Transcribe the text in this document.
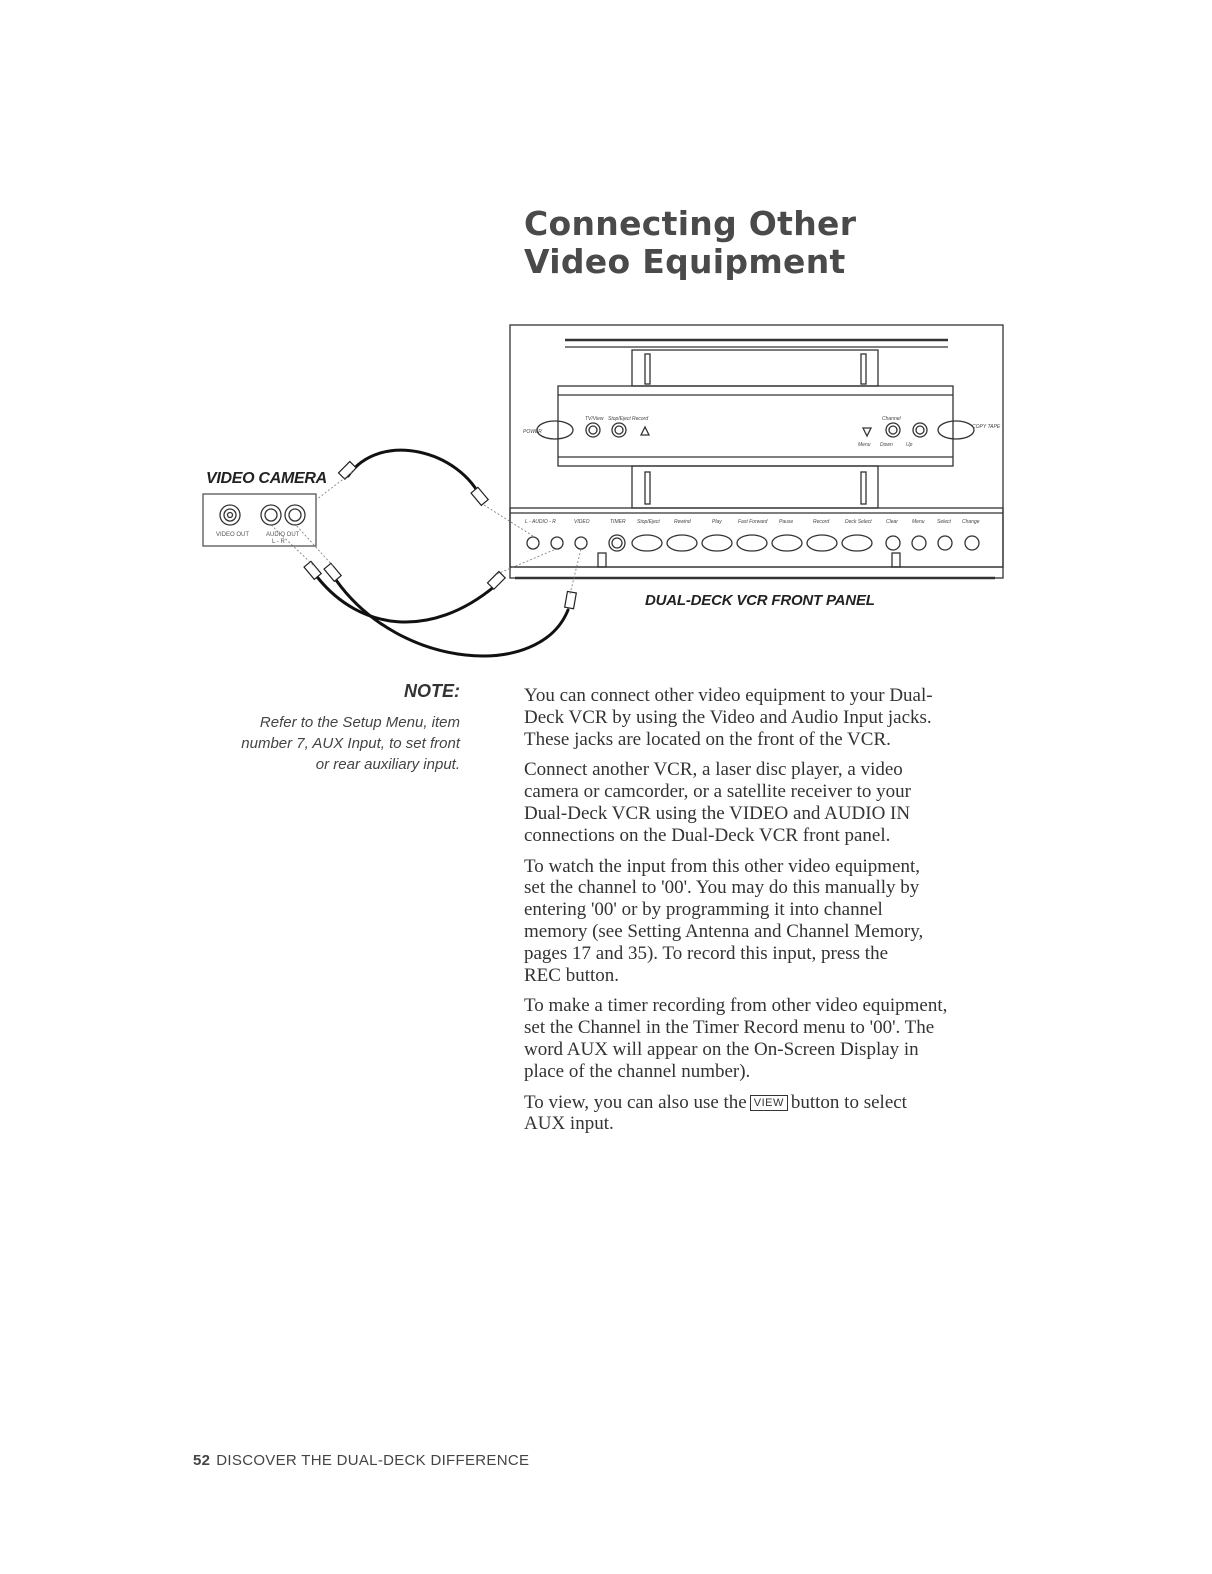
Connecting Other
Video Equipment
POWER
TV/View Stop/Eject Record	Channel
COPY TAPE
Menu Down	Up
L - AUDIO - R	VIDEO	TIMER Stop/Eject	Rewind	Play	Fast Forward Pause	Record	Deck Select	Clear	Menu Select Change
VIDEO OUT	AUDIO OUT
L - R
VIDEO CAMERA
DUAL-DECK VCR FRONT PANEL
NOTE:
Refer to the Setup Menu, item
number 7, AUX Input, to set front
or rear auxiliary input.

You can connect other video equipment to your Dual-
Deck VCR by using the Video and Audio Input jacks.
These jacks are located on the front of the VCR.

Connect another VCR, a laser disc player, a video
camera or camcorder, or a satellite receiver to your
Dual-Deck VCR using the VIDEO and AUDIO IN
connections on the Dual-Deck VCR front panel.

To watch the input from this other video equipment,
set the channel to '00'. You may do this manually by
entering '00' or by programming it into channel
memory (see Setting Antenna and Channel Memory,
pages 17 and 35). To record this input, press the
REC button.

To make a timer recording from other video equipment,
set the Channel in the Timer Record menu to '00'. The
word AUX will appear on the On-Screen Display in
place of the channel number).

To view, you can also use the VIEW button to select
AUX input.

52 DISCOVER THE DUAL-DECK DIFFERENCE
